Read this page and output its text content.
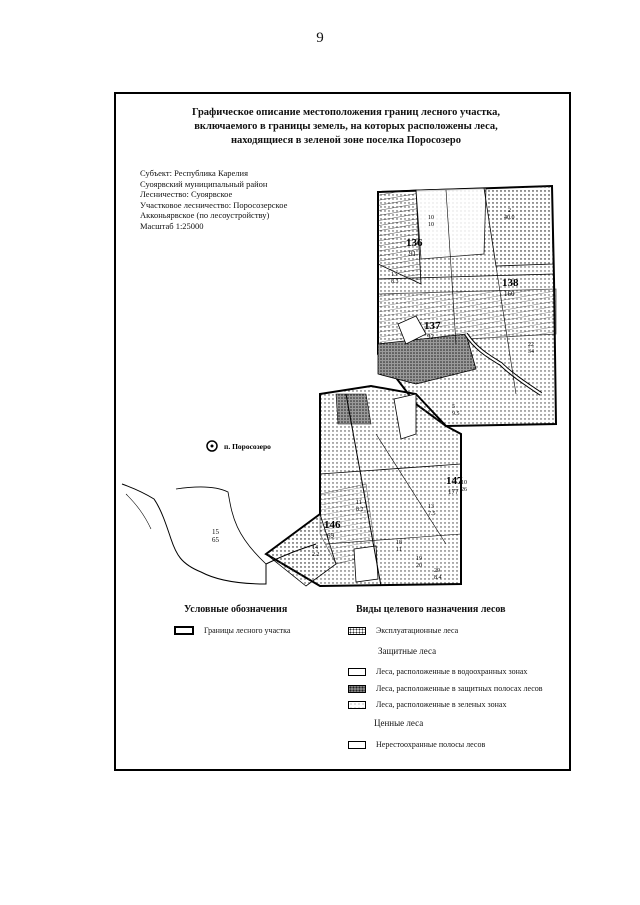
9
Графическое описание местоположения границ лесного участка, включаемого в границы земель, на которых расположены леса, находящиеся в зеленой зоне поселка Поросозеро
Субъект: Республика Карелия
Суоярвский муниципальный район
Лесничество: Суоярвское
Участковое лесничество: Поросозерское
Акконьярвское (по лесоустройству)
Масштаб 1:25000
п. Поросозеро
136
91
138
160
137
92
147
177
146
69
15
65
10
10
2
40.0
13
8.3
5
9.5
11
8.2	13
7.5
18
11
19
20
29
8.4
14
2.2
10
26
22
34
Условные обозначения
Границы лесного участка
Виды целевого назначения лесов
Эксплуатационные леса
Защитные леса
Леса, расположенные в водоохранных зонах
Леса, расположенные в защитных полосах лесов
Леса, расположенные в зеленых зонах
Ценные леса
Нерестоохранные полосы лесов
